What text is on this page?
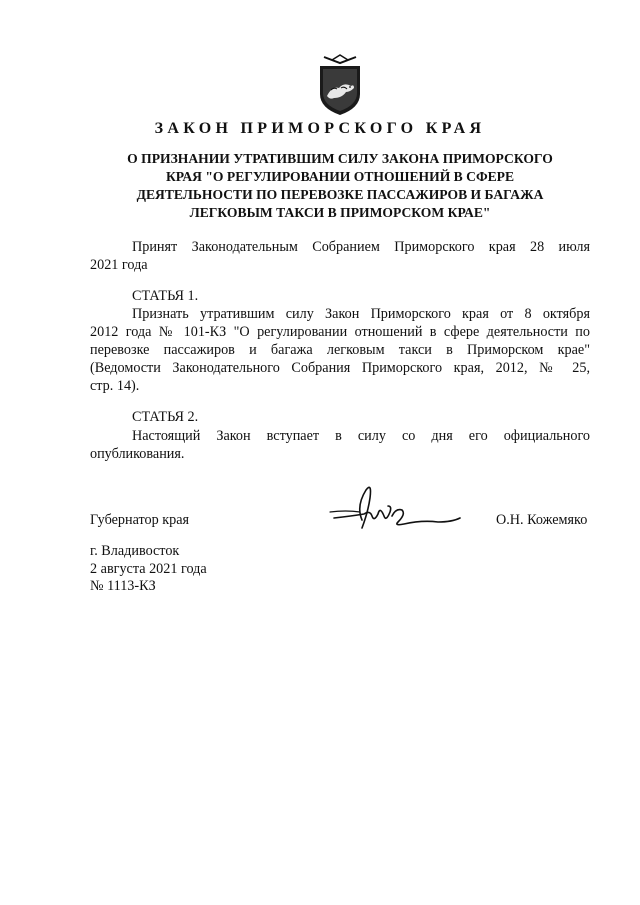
ЗАКОН ПРИМОРСКОГО КРАЯ
О ПРИЗНАНИИ УТРАТИВШИМ СИЛУ ЗАКОНА ПРИМОРСКОГО
КРАЯ "О РЕГУЛИРОВАНИИ ОТНОШЕНИЙ В СФЕРЕ
ДЕЯТЕЛЬНОСТИ ПО ПЕРЕВОЗКЕ ПАССАЖИРОВ И БАГАЖА
ЛЕГКОВЫМ ТАКСИ В ПРИМОРСКОМ КРАЕ"
Принят Законодательным Собранием Приморского края 28 июля
2021 года
СТАТЬЯ 1.
Признать утратившим силу Закон Приморского края от 8 октября
2012 года № 101-КЗ "О регулировании отношений в сфере деятельности по
перевозке пассажиров и багажа легковым такси в Приморском крае"
(Ведомости Законодательного Собрания Приморского края, 2012, № 25,
стр. 14).
СТАТЬЯ 2.
Настоящий Закон вступает в силу со дня его официального
опубликования.
Губернатор края	О.Н. Кожемяко
г. Владивосток
2 августа 2021 года
№ 1113-КЗ
